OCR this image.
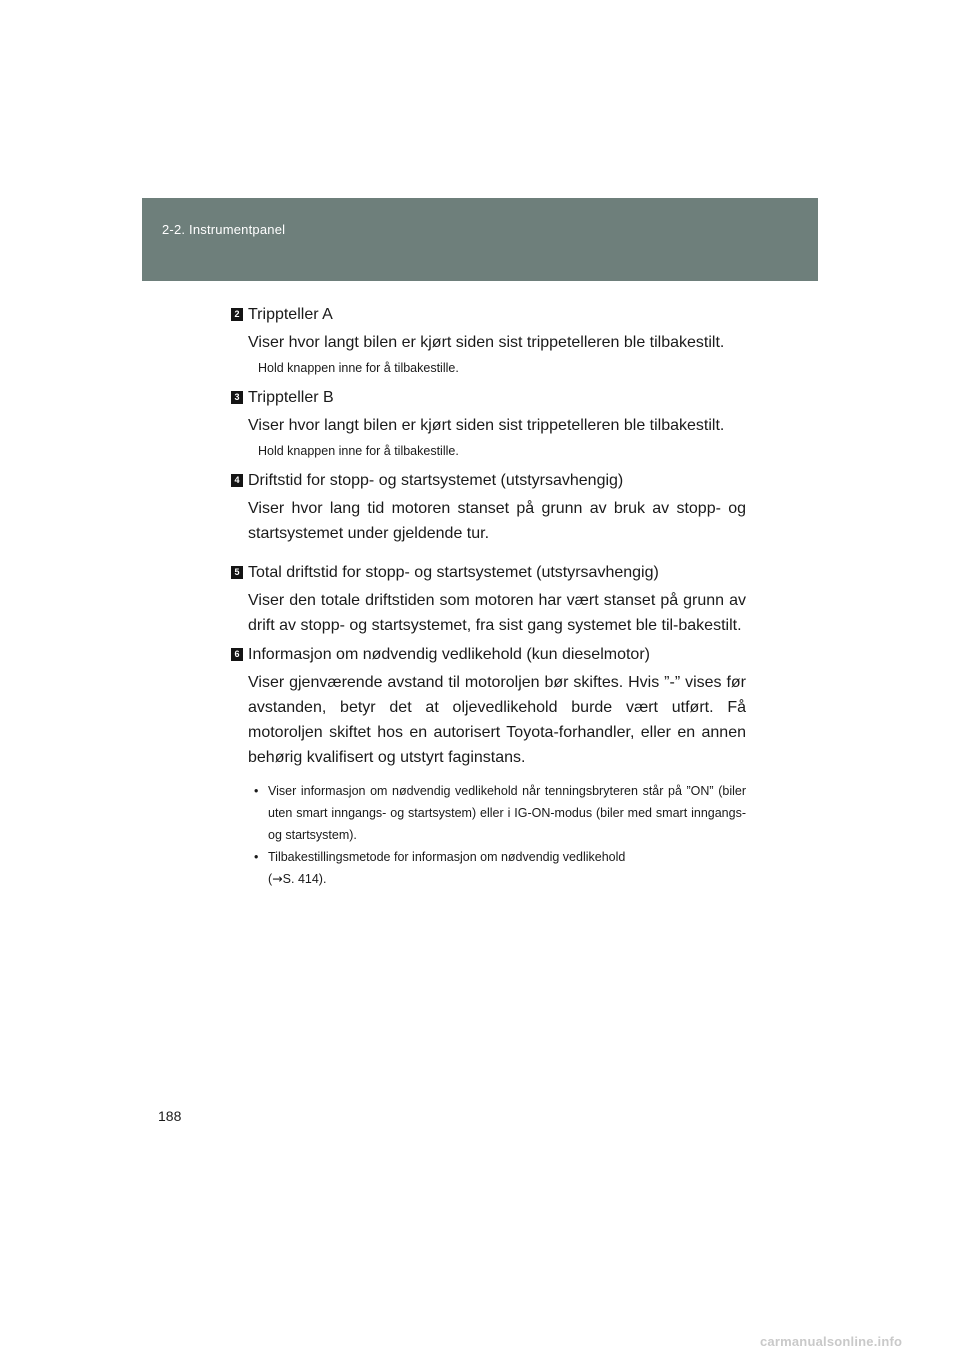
2-2. Instrumentpanel
2 Trippteller A
Viser hvor langt bilen er kjørt siden sist trippetelleren ble tilbakestilt.
Hold knappen inne for å tilbakestille.
3 Trippteller B
Viser hvor langt bilen er kjørt siden sist trippetelleren ble tilbakestilt.
Hold knappen inne for å tilbakestille.
4 Driftstid for stopp- og startsystemet (utstyrsavhengig)
Viser hvor lang tid motoren stanset på grunn av bruk av stopp- og startsystemet under gjeldende tur.
5 Total driftstid for stopp- og startsystemet (utstyrsavhengig)
Viser den totale driftstiden som motoren har vært stanset på grunn av drift av stopp- og startsystemet, fra sist gang systemet ble til-bakestilt.
6 Informasjon om nødvendig vedlikehold (kun dieselmotor)
Viser gjenværende avstand til motoroljen bør skiftes. Hvis ”-” vises før avstanden, betyr det at oljevedlikehold burde vært utført. Få motoroljen skiftet hos en autorisert Toyota-forhandler, eller en annen behørig kvalifisert og utstyrt faginstans.
• Viser informasjon om nødvendig vedlikehold når tenningsbryteren står på ”ON” (biler uten smart inngangs- og startsystem) eller i IG-ON-modus (biler med smart inngangs- og startsystem).
• Tilbakestillingsmetode for informasjon om nødvendig vedlikehold
(→S. 414).
188
carmanualsonline.info
